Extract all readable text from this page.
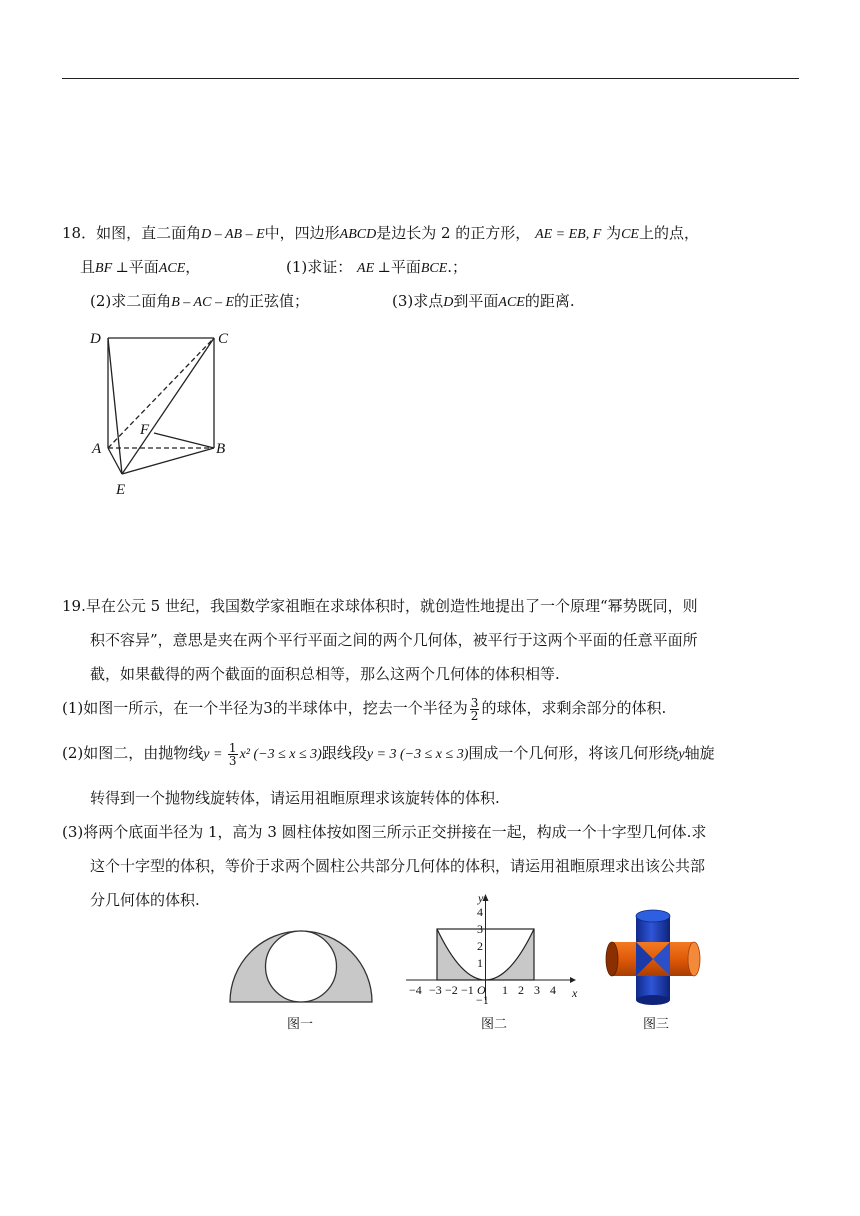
18．如图，直二面角D – AB – E中，四边形ABCD是边长为 2 的正方形， AE = EB, F 为CE上的点，
且BF ⊥平面ACE，	(1)求证： AE ⊥平面BCE.；
(2)求二面角B – AC – E的正弦值；	(3)求点D到平面ACE的距离.
D	C
A	B
F
E
19.早在公元 5 世纪，我国数学家祖暅在求球体积时，就创造性地提出了一个原理“幂势既同，则
积不容异”，意思是夹在两个平行平面之间的两个几何体，被平行于这两个平面的任意平面所
截，如果截得的两个截面的面积总相等，那么这两个几何体的体积相等.
(1)如图一所示，在一个半径为3的半球体中，挖去一个半径为 $\frac{3}{2}$ 的球体，求剩余部分的体积.
(2)如图二，由抛物线$y = \frac{1}{3} x^2$ (−3 ≤ x ≤ 3)跟线段y = 3 (−3 ≤ x ≤ 3)围成一个几何形，将该几何形绕y轴旋
转得到一个抛物线旋转体，请运用祖暅原理求该旋转体的体积.
(3)将两个底面半径为 1，高为 3 圆柱体按如图三所示正交拼接在一起，构成一个十字型几何体.求
这个十字型的体积，等价于求两个圆柱公共部分几何体的体积，请运用祖暅原理求出该公共部
分几何体的体积.
图一
x
y
O
−4 −3 −2 −1 1 2 3 4
4
3
2
1
−1
图二	图三
